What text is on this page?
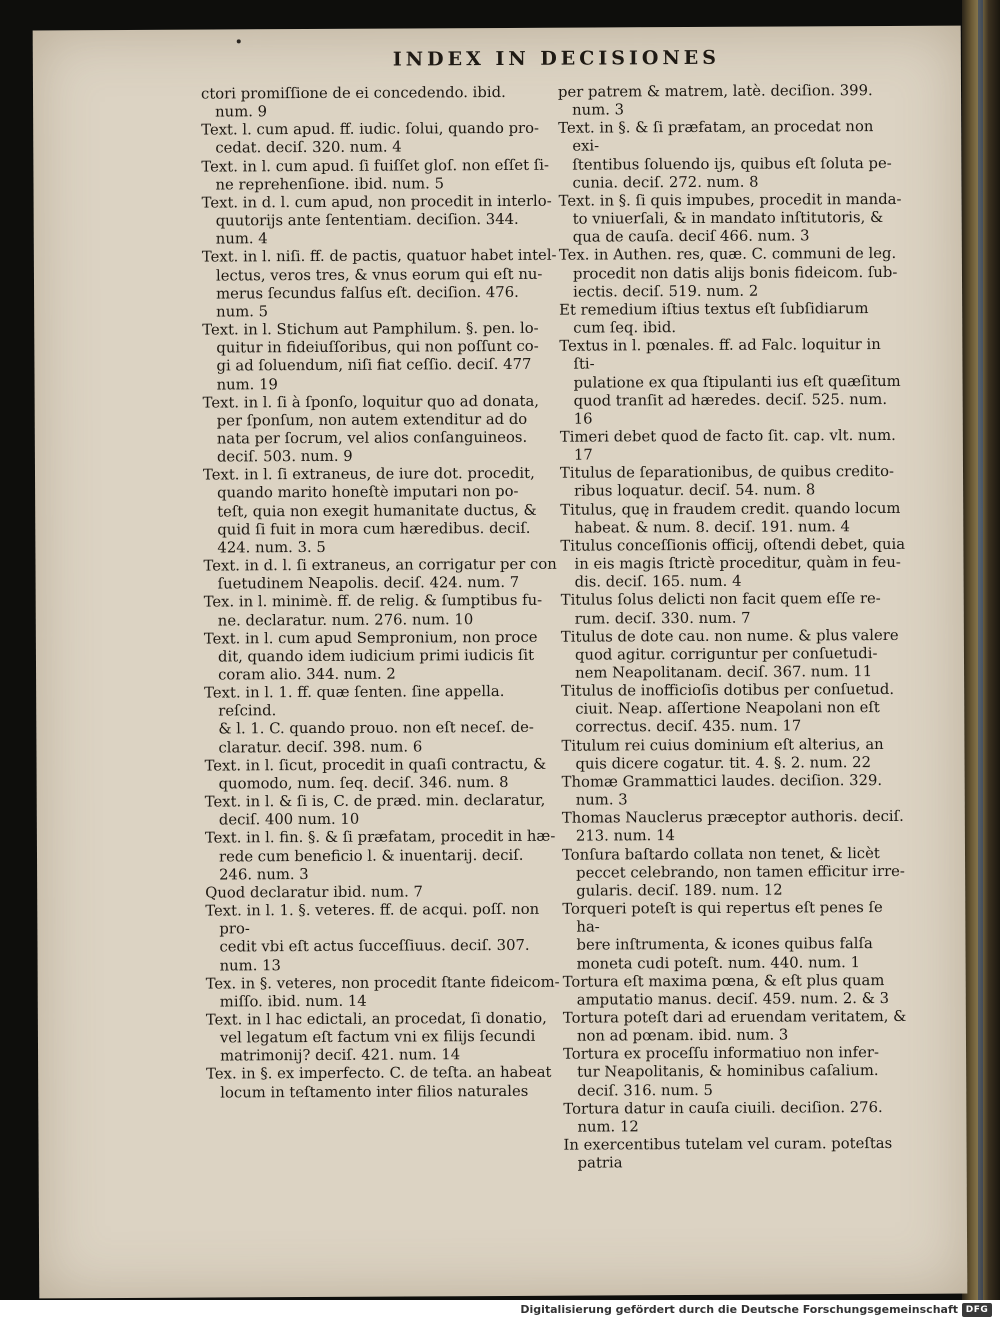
INDEX IN DECISIONES

ctori promiſſione de ei concedendo. ibid.
num. 9

Text. l. cum apud. ff. iudic. ſolui, quando pro-
cedat. deciſ. 320. num. 4

Text. in l. cum apud. ſi fuiſſet gloſ. non eſſet ſi-
ne reprehenſione. ibid. num. 5

Text. in d. l. cum apud, non procedit in interlo-
quutorijs ante ſententiam. deciſion. 344.
num. 4

Text. in l. niſi. ff. de pactis, quatuor habet intel-
lectus, veros tres, & vnus eorum qui eſt nu-
merus ſecundus falſus eſt. deciſion. 476.
num. 5

Text. in l. Stichum aut Pamphilum. §. pen. lo-
quitur in fideiuſſoribus, qui non poſſunt co-
gi ad ſoluendum, niſi fiat ceſſio. deciſ. 477
num. 19

Text. in l. ſi à ſponſo, loquitur quo ad donata,
per ſponſum, non autem extenditur ad do
nata per ſocrum, vel alios conſanguineos.
deciſ. 503. num. 9

Text. in l. ſi extraneus, de iure dot. procedit,
quando marito honeſtè imputari non po-
teſt, quia non exegit humanitate ductus, &
quid ſi fuit in mora cum hæredibus. deciſ.
424. num. 3. 5

Text. in d. l. ſi extraneus, an corrigatur per con
ſuetudinem Neapolis. deciſ. 424. num. 7

Tex. in l. minimè. ff. de relig. & ſumptibus fu-
ne. declaratur. num. 276. num. 10

Text. in l. cum apud Sempronium, non proce
dit, quando idem iudicium primi iudicis ſit
coram alio. 344. num. 2

Text. in l. 1. ff. quæ ſenten. ſine appella. reſcind.
& l. 1. C. quando prouo. non eſt neceſ. de-
claratur. deciſ. 398. num. 6

Text. in l. ſicut, procedit in quaſi contractu, &
quomodo, num. ſeq. deciſ. 346. num. 8

Text. in l. & ſi is, C. de præd. min. declaratur,
deciſ. 400 num. 10

Text. in l. fin. §. & ſi præfatam, procedit in hæ-
rede cum beneficio l. & inuentarij. deciſ.
246. num. 3

Quod declaratur ibid. num. 7

Text. in l. 1. §. veteres. ff. de acqui. poſſ. non pro-
cedit vbi eſt actus ſucceſſiuus. deciſ. 307.
num. 13

Tex. in §. veteres, non procedit ſtante fideicom-
miſſo. ibid. num. 14

Text. in l hac edictali, an procedat, ſi donatio,
vel legatum eſt factum vni ex filijs ſecundi
matrimonij? deciſ. 421. num. 14

Tex. in §. ex imperfecto. C. de teſta. an habeat
locum in teſtamento inter filios naturales

per patrem & matrem, latè. deciſion. 399.
num. 3

Text. in §. & ſi præfatam, an procedat non exi-
ſtentibus ſoluendo ijs, quibus eſt ſoluta pe-
cunia. deciſ. 272. num. 8

Text. in §. ſi quis impubes, procedit in manda-
to vniuerſali, & in mandato inſtitutoris, &
qua de cauſa. deciſ 466. num. 3

Tex. in Authen. res, quæ. C. communi de leg.
procedit non datis alijs bonis fideicom. ſub-
iectis. deciſ. 519. num. 2

Et remedium iſtius textus eſt ſubſidiarum
cum ſeq. ibid.

Textus in l. pœnales. ff. ad Falc. loquitur in ſti-
pulatione ex qua ſtipulanti ius eſt quæſitum
quod tranſit ad hæredes. deciſ. 525. num. 16

Timeri debet quod de facto ſit. cap. vlt. num. 17

Titulus de ſeparationibus, de quibus credito-
ribus loquatur. deciſ. 54. num. 8

Titulus, quę in fraudem credit. quando locum
habeat. & num. 8. deciſ. 191. num. 4

Titulus conceſſionis officij, oſtendi debet, quia
in eis magis ſtrictè proceditur, quàm in feu-
dis. deciſ. 165. num. 4

Titulus ſolus delicti non facit quem eſſe re-
rum. deciſ. 330. num. 7

Titulus de dote cau. non nume. & plus valere
quod agitur. corriguntur per conſuetudi-
nem Neapolitanam. deciſ. 367. num. 11

Titulus de inofficioſis dotibus per conſuetud.
ciuit. Neap. aſſertione Neapolani non eſt
correctus. deciſ. 435. num. 17

Titulum rei cuius dominium eſt alterius, an
quis dicere cogatur. tit. 4. §. 2. num. 22

Thomæ Grammattici laudes. deciſion. 329.
num. 3

Thomas Nauclerus præceptor authoris. deciſ.
213. num. 14

Tonſura baſtardo collata non tenet, & licèt
peccet celebrando, non tamen efficitur irre-
gularis. deciſ. 189. num. 12

Torqueri poteſt is qui repertus eſt penes ſe ha-
bere inſtrumenta, & icones quibus falſa
moneta cudi poteſt. num. 440. num. 1

Tortura eſt maxima pœna, & eſt plus quam
amputatio manus. deciſ. 459. num. 2. & 3

Tortura poteſt dari ad eruendam veritatem, &
non ad pœnam. ibid. num. 3

Tortura ex proceſſu informatiuo non infer-
tur Neapolitanis, & hominibus caſalium.
deciſ. 316. num. 5

Tortura datur in cauſa ciuili. deciſion. 276.
num. 12

In exercentibus tutelam vel curam. poteſtas
patria

Digitalisierung gefördert durch die Deutsche Forschungsgemeinschaft DFG
